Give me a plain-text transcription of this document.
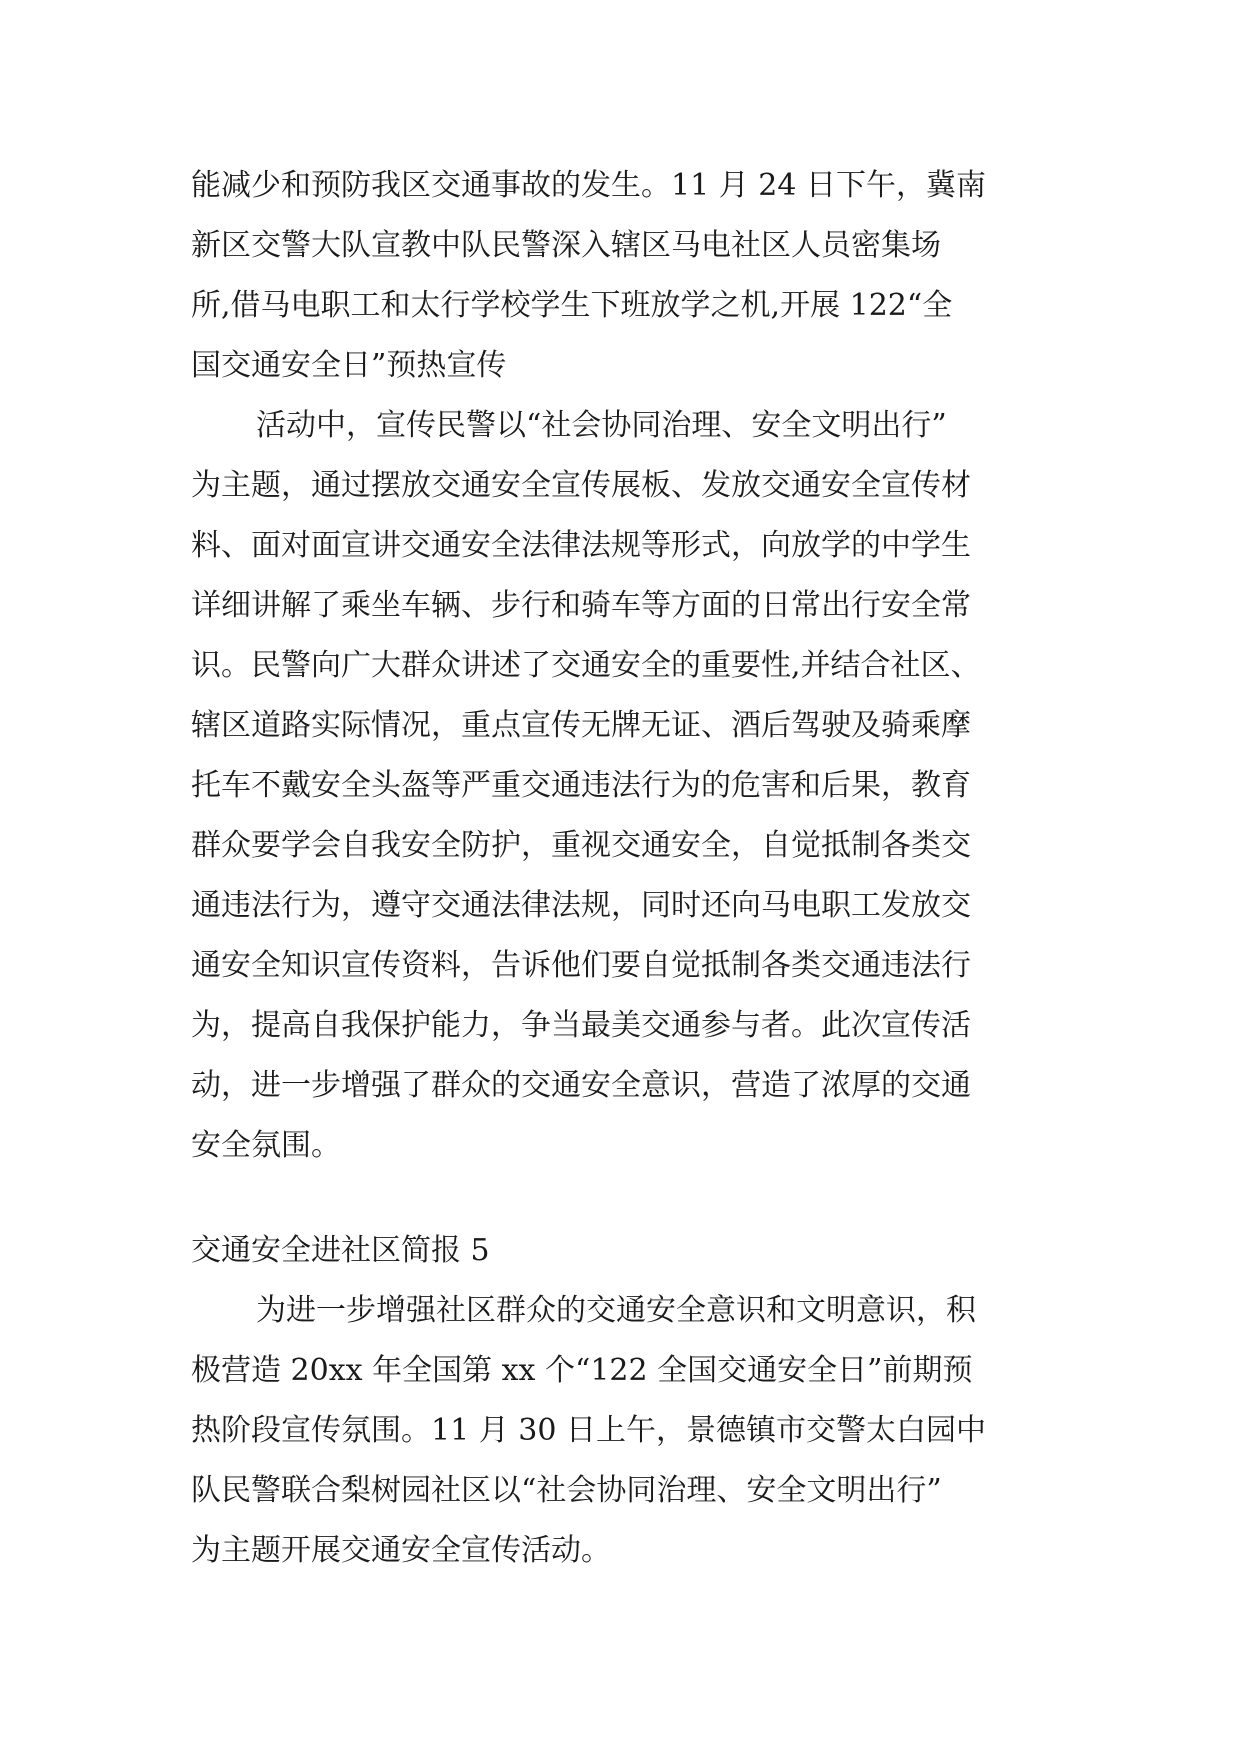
能减少和预防我区交通事故的发生。11 月 24 日下午，冀南
新区交警大队宣教中队民警深入辖区马电社区人员密集场
所,借马电职工和太行学校学生下班放学之机,开展 122“全
国交通安全日”预热宣传
活动中，宣传民警以“社会协同治理、安全文明出行”
为主题，通过摆放交通安全宣传展板、发放交通安全宣传材
料、面对面宣讲交通安全法律法规等形式，向放学的中学生
详细讲解了乘坐车辆、步行和骑车等方面的日常出行安全常
识。民警向广大群众讲述了交通安全的重要性,并结合社区、
辖区道路实际情况，重点宣传无牌无证、酒后驾驶及骑乘摩
托车不戴安全头盔等严重交通违法行为的危害和后果，教育
群众要学会自我安全防护，重视交通安全，自觉抵制各类交
通违法行为，遵守交通法律法规，同时还向马电职工发放交
通安全知识宣传资料，告诉他们要自觉抵制各类交通违法行
为，提高自我保护能力，争当最美交通参与者。此次宣传活
动，进一步增强了群众的交通安全意识，营造了浓厚的交通
安全氛围。
交通安全进社区简报 5
为进一步增强社区群众的交通安全意识和文明意识，积
极营造 20xx 年全国第 xx 个“122 全国交通安全日”前期预
热阶段宣传氛围。11 月 30 日上午，景德镇市交警太白园中
队民警联合梨树园社区以“社会协同治理、安全文明出行”
为主题开展交通安全宣传活动。
